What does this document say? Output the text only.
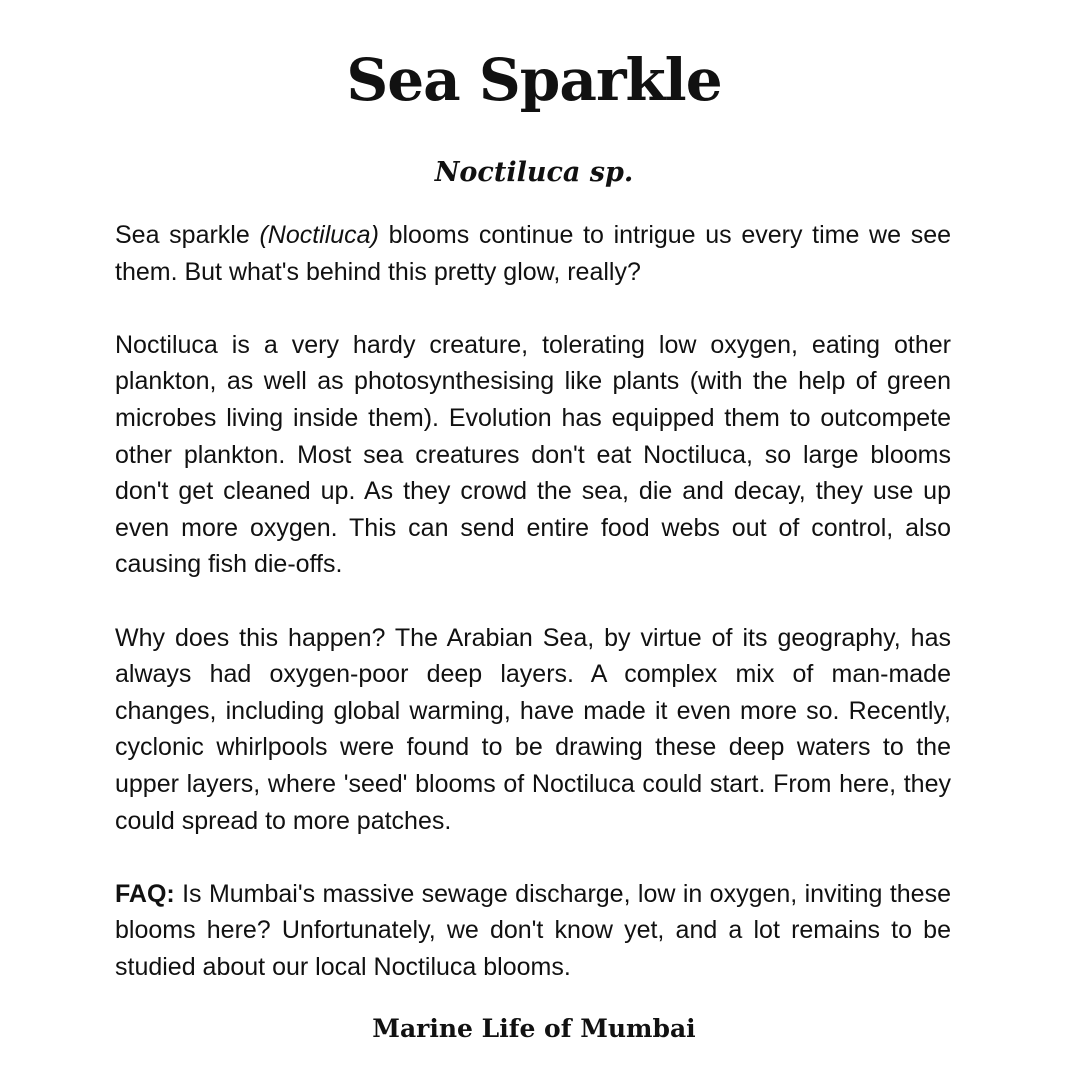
Sea Sparkle
Noctiluca sp.

Sea sparkle (Noctiluca) blooms continue to intrigue us every time we see them. But what's behind this pretty glow, really?

Noctiluca is a very hardy creature, tolerating low oxygen, eating other plankton, as well as photosynthesising like plants (with the help of green microbes living inside them). Evolution has equipped them to outcompete other plankton. Most sea creatures don't eat Noctiluca, so large blooms don't get cleaned up. As they crowd the sea, die and decay, they use up even more oxygen. This can send entire food webs out of control, also causing fish die-offs.

Why does this happen? The Arabian Sea, by virtue of its geography, has always had oxygen-poor deep layers. A complex mix of man-made changes, including global warming, have made it even more so. Recently, cyclonic whirlpools were found to be drawing these deep waters to the upper layers, where 'seed' blooms of Noctiluca could start. From here, they could spread to more patches.

FAQ: Is Mumbai's massive sewage discharge, low in oxygen, inviting these blooms here? Unfortunately, we don't know yet, and a lot remains to be studied about our local Noctiluca blooms.

Marine Life of Mumbai
